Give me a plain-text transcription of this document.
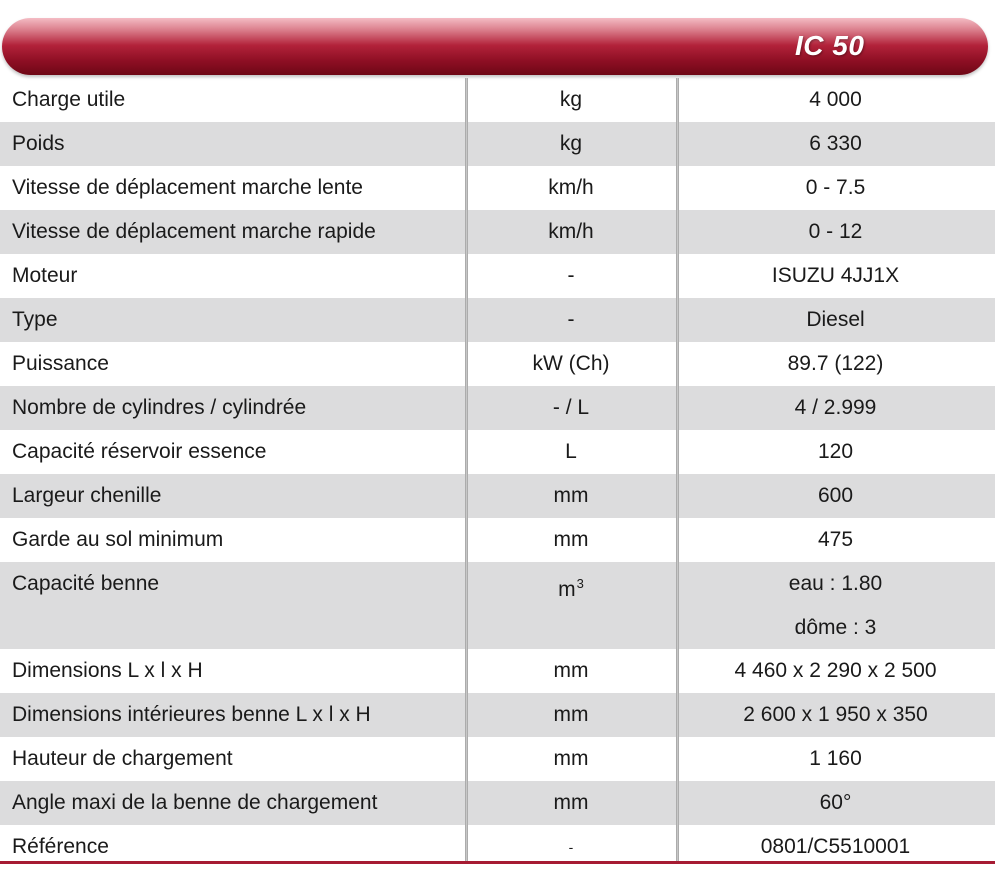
IC 50
Charge utile	kg	4 000
Poids	kg	6 330
Vitesse de déplacement marche lente	km/h	0 - 7.5
Vitesse de déplacement marche rapide	km/h	0 - 12
Moteur	-	ISUZU 4JJ1X
Type	-	Diesel
Puissance	kW (Ch)	89.7 (122)
Nombre de cylindres / cylindrée	- / L	4 / 2.999
Capacité réservoir essence	L	120
Largeur chenille	mm	600
Garde au sol minimum	mm	475
Capacité benne	$m^3$	eau : 1.80
dôme : 3
Dimensions L x l x H	mm	4 460 x 2 290 x 2 500
Dimensions intérieures benne L x l x H	mm	2 600 x 1 950 x 350
Hauteur de chargement	mm	1 160
Angle maxi de la benne de chargement	mm	60°
Référence	-	0801/C5510001
